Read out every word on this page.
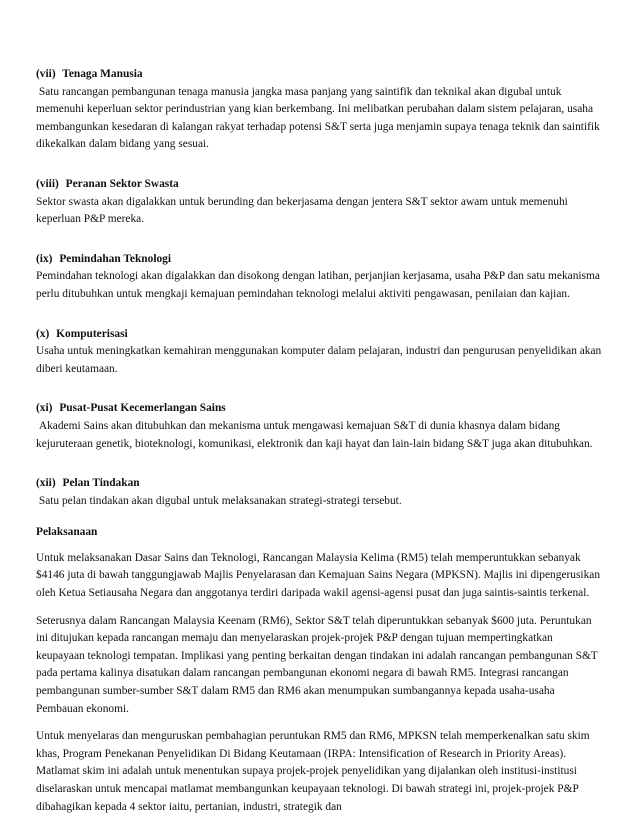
(vii) Tenaga Manusia
Satu rancangan pembangunan tenaga manusia jangka masa panjang yang saintifik dan teknikal akan digubal untuk memenuhi keperluan sektor perindustrian yang kian berkembang. Ini melibatkan perubahan dalam sistem pelajaran, usaha membangunkan kesedaran di kalangan rakyat terhadap potensi S&T serta juga menjamin supaya tenaga teknik dan saintifik dikekalkan dalam bidang yang sesuai.
(viii) Peranan Sektor Swasta
Sektor swasta akan digalakkan untuk berunding dan bekerjasama dengan jentera S&T sektor awam untuk memenuhi keperluan P&P mereka.
(ix) Pemindahan Teknologi
Pemindahan teknologi akan digalakkan dan disokong dengan latihan, perjanjian kerjasama, usaha P&P dan satu mekanisma perlu ditubuhkan untuk mengkaji kemajuan pemindahan teknologi melalui aktiviti pengawasan, penilaian dan kajian.
(x) Komputerisasi
Usaha untuk meningkatkan kemahiran menggunakan komputer dalam pelajaran, industri dan pengurusan penyelidikan akan diberi keutamaan.
(xi) Pusat-Pusat Kecemerlangan Sains
Akademi Sains akan ditubuhkan dan mekanisma untuk mengawasi kemajuan S&T di dunia khasnya dalam bidang kejuruteraan genetik, bioteknologi, komunikasi, elektronik dan kaji hayat dan lain-lain bidang S&T juga akan ditubuhkan.
(xii) Pelan Tindakan
Satu pelan tindakan akan digubal untuk melaksanakan strategi-strategi tersebut.
Pelaksanaan

Untuk melaksanakan Dasar Sains dan Teknologi, Rancangan Malaysia Kelima (RM5) telah memperuntukkan sebanyak $4146 juta di bawah tanggungjawab Majlis Penyelarasan dan Kemajuan Sains Negara (MPKSN). Majlis ini dipengerusikan oleh Ketua Setiausaha Negara dan anggotanya terdiri daripada wakil agensi-agensi pusat dan juga saintis-saintis terkenal.

Seterusnya dalam Rancangan Malaysia Keenam (RM6), Sektor S&T telah diperuntukkan sebanyak $600 juta. Peruntukan ini ditujukan kepada rancangan memaju dan menyelaraskan projek-projek P&P dengan tujuan mempertingkatkan keupayaan teknologi tempatan. Implikasi yang penting berkaitan dengan tindakan ini adalah rancangan pembangunan S&T pada pertama kalinya disatukan dalam rancangan pembangunan ekonomi negara di bawah RM5. Integrasi rancangan pembangunan sumber-sumber S&T dalam RM5 dan RM6 akan menumpukan sumbangannya kepada usaha-usaha Pembauan ekonomi.

Untuk menyelaras dan menguruskan pembahagian peruntukan RM5 dan RM6, MPKSN telah memperkenalkan satu skim khas, Program Penekanan Penyelidikan Di Bidang Keutamaan (IRPA: Intensification of Research in Priority Areas). Matlamat skim ini adalah untuk menentukan supaya projek-projek penyelidikan yang dijalankan oleh institusi-institusi diselaraskan untuk mencapai matlamat membangunkan keupayaan teknologi. Di bawah strategi ini, projek-projek P&P dibahagikan kepada 4 sektor iaitu, pertanian, industri, strategik dan
